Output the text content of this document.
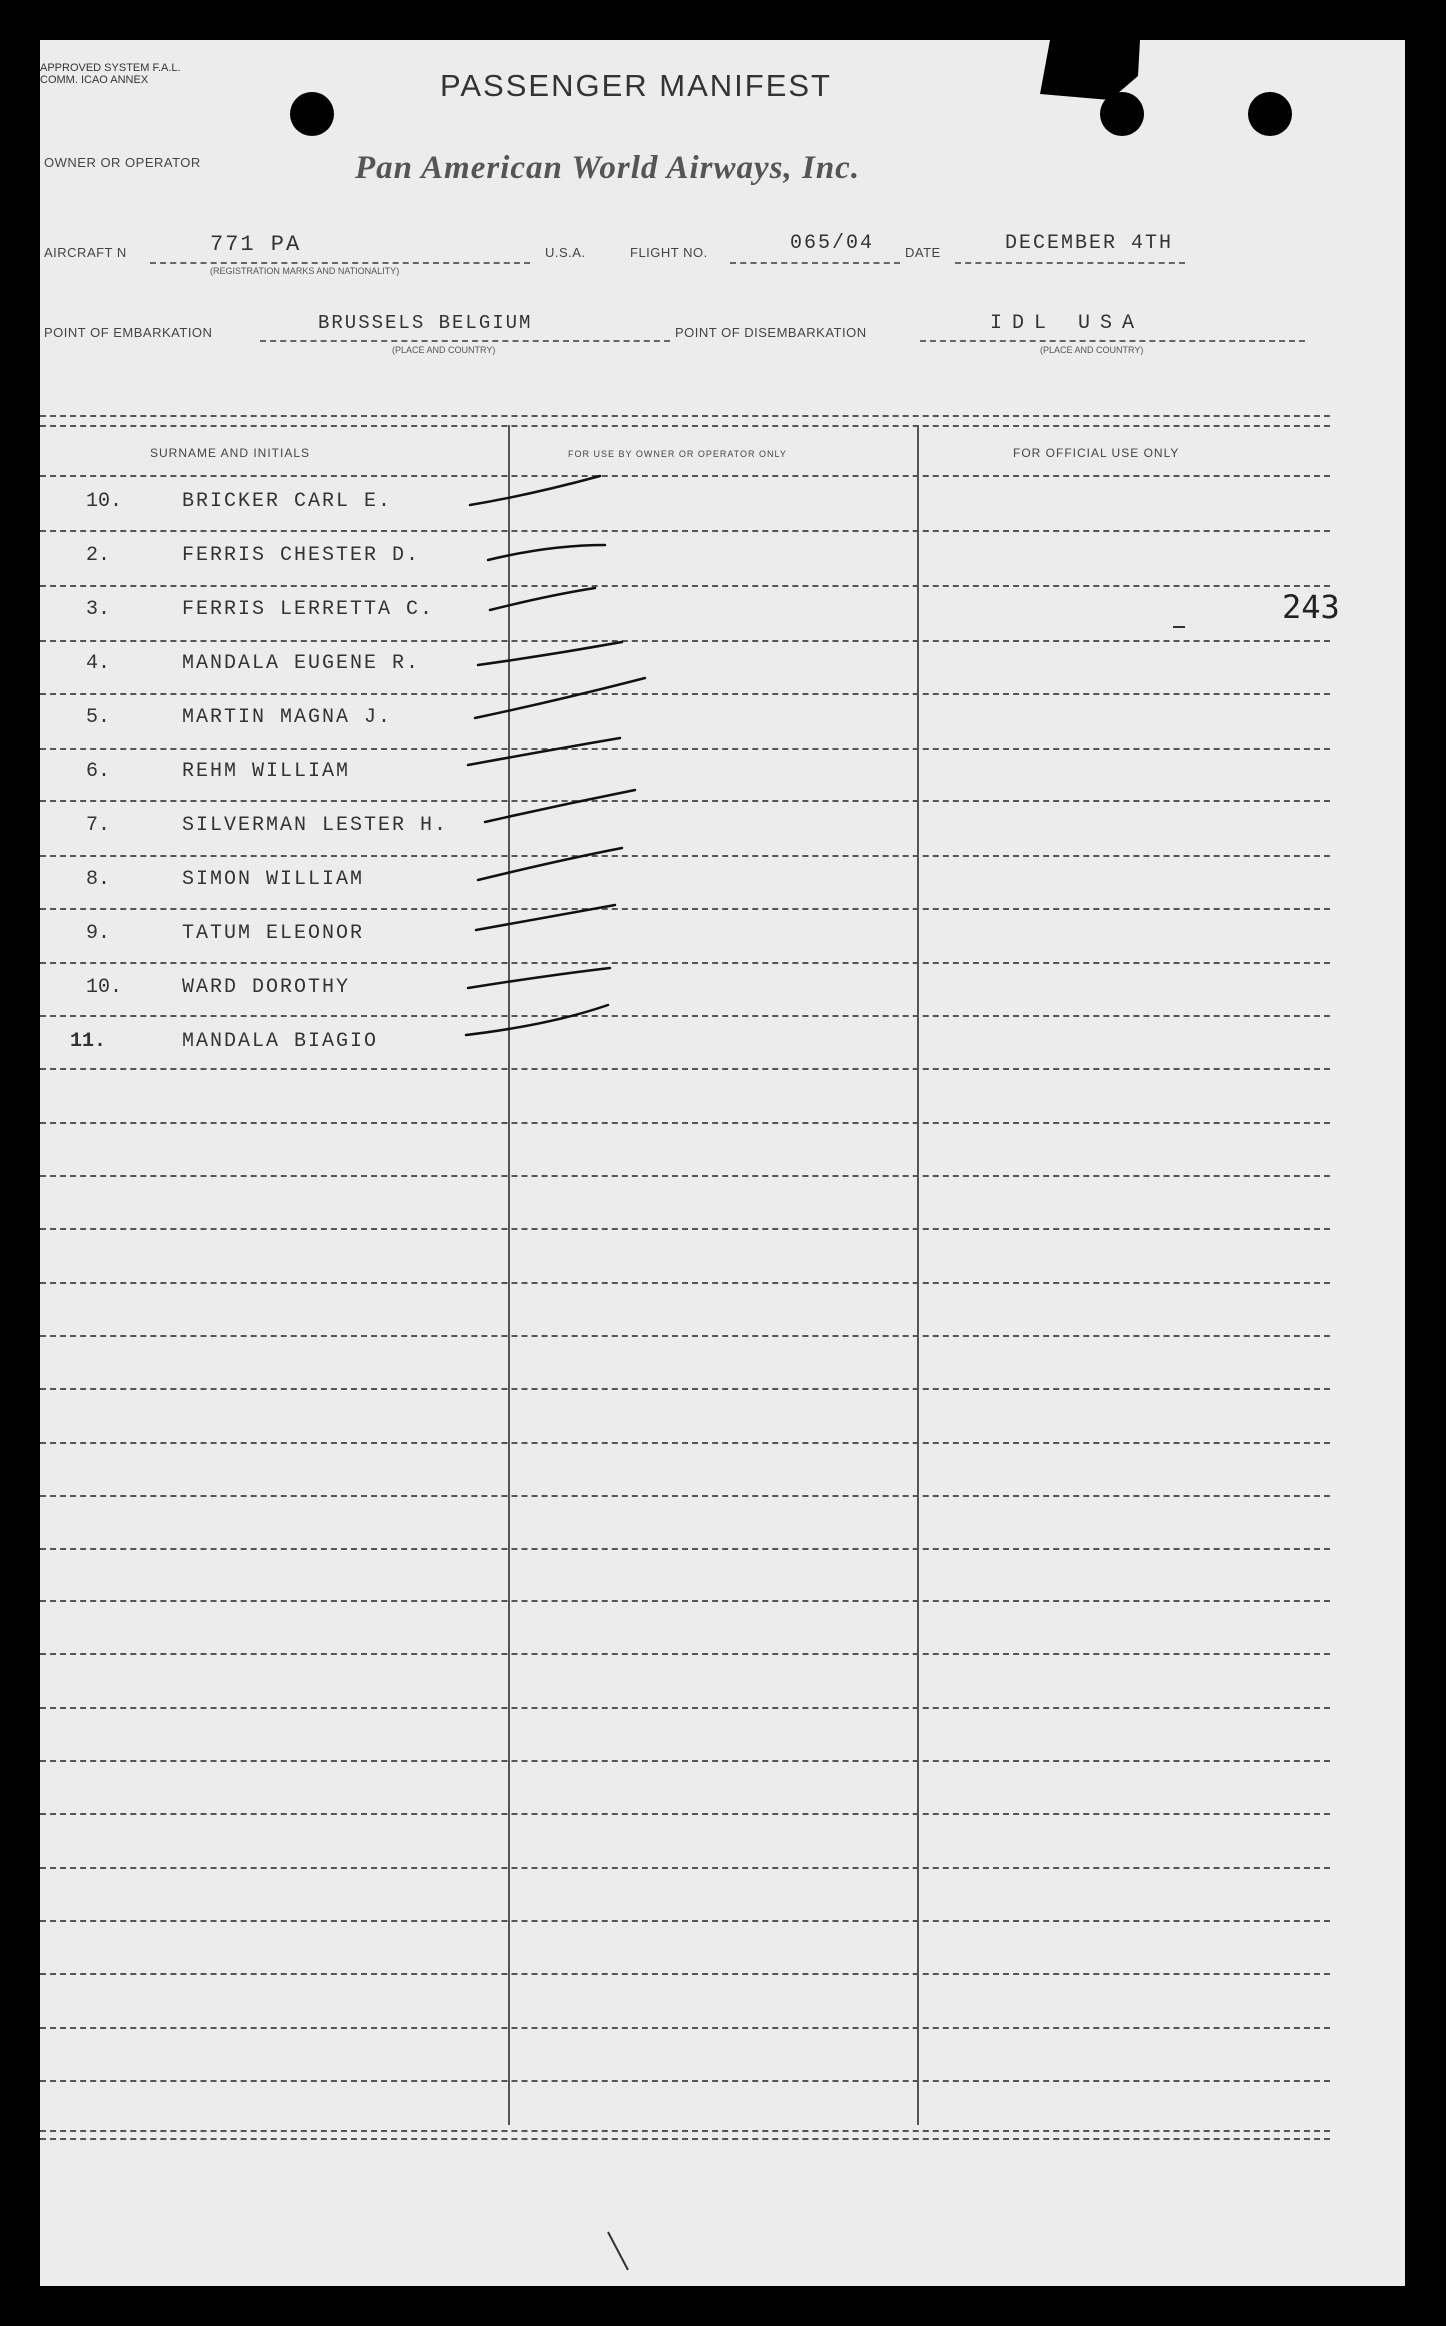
APPROVED SYSTEM F.A.L. COMM. ICAO ANNEX	PASSENGER MANIFEST
OWNER OR OPERATOR	Pan American World Airways, Inc.
AIRCRAFT N	771 PA
(REGISTRATION MARKS AND NATIONALITY)
U.S.A.	FLIGHT NO.	065/04 DATE	DECEMBER 4TH
POINT OF EMBARKATION	BRUSSELS BELGIUM
(PLACE AND COUNTRY)
POINT OF DISEMBARKATION	IDL USA
(PLACE AND COUNTRY)
SURNAME AND INITIALS	FOR USE BY OWNER OR OPERATOR ONLY	FOR OFFICIAL USE ONLY
10.	BRICKER CARL E.
2.	FERRIS CHESTER D.
3.	FERRIS LERRETTA C.
4.	MANDALA EUGENE R.
5.	MARTIN MAGNA J.
6.	REHM WILLIAM
7.	SILVERMAN LESTER H.
8.	SIMON WILLIAM
9.	TATUM ELEONOR
10.	WARD DOROTHY
11.	MANDALA BIAGIO
243
